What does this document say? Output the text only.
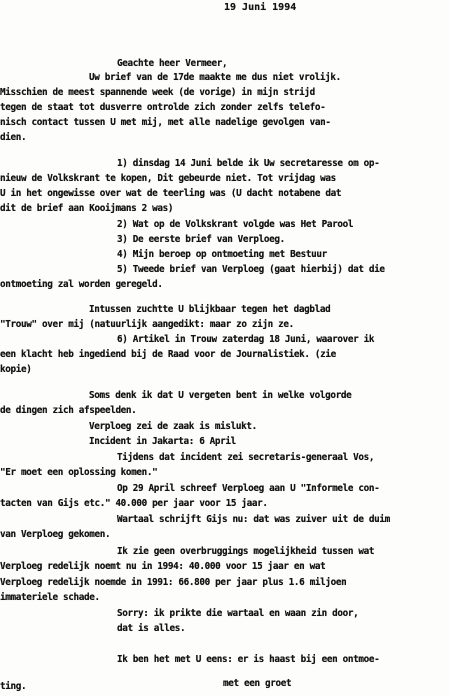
19 Juni 1994
Geachte heer Vermeer,
Uw brief van de 17de maakte me dus niet vrolijk.
Misschien de meest spannende week (de vorige) in mijn strijd
tegen de staat tot dusverre ontrolde zich zonder zelfs telefo-
nisch contact tussen U met mij, met alle nadelige gevolgen van-
dien.
1) dinsdag 14 Juni belde ik Uw secretaresse om op-
nieuw de Volkskrant te kopen, Dit gebeurde niet. Tot vrijdag was
U in het ongewisse over wat de teerling was (U dacht notabene dat
dit de brief aan Kooijmans 2 was)
2) Wat op de Volkskrant volgde was Het Parool
3) De eerste brief van Verploeg.
4) Mijn beroep op ontmoeting met Bestuur
5) Tweede brief van Verploeg (gaat hierbij) dat die
ontmoeting zal worden geregeld.
Intussen zuchtte U blijkbaar tegen het dagblad
"Trouw" over mij (natuurlijk aangedikt: maar zo zijn ze.
6) Artikel in Trouw zaterdag 18 Juni, waarover ik
een klacht heb ingediend bij de Raad voor de Journalistiek. (zie
kopie)
Soms denk ik dat U vergeten bent in welke volgorde
de dingen zich afspeelden.
Verploeg zei de zaak is mislukt.
Incident in Jakarta: 6 April
Tijdens dat incident zei secretaris-generaal Vos,
"Er moet een oplossing komen."
Op 29 April schreef Verploeg aan U "Informele con-
tacten van Gijs etc." 40.000 per jaar voor 15 jaar.
Wartaal schrijft Gijs nu: dat was zuiver uit de duim
van Verploeg gekomen.
Ik zie geen overbruggings mogelijkheid tussen wat
Verploeg redelijk noemt nu in 1994: 40.000 voor 15 jaar en wat
Verploeg redelijk noemde in 1991: 66.800 per jaar plus 1.6 miljoen
immateriele schade.
Sorry: ik prikte die wartaal en waan zin door,
dat is alles.
Ik ben het met U eens: er is haast bij een ontmoe-
ting.	met een groet
